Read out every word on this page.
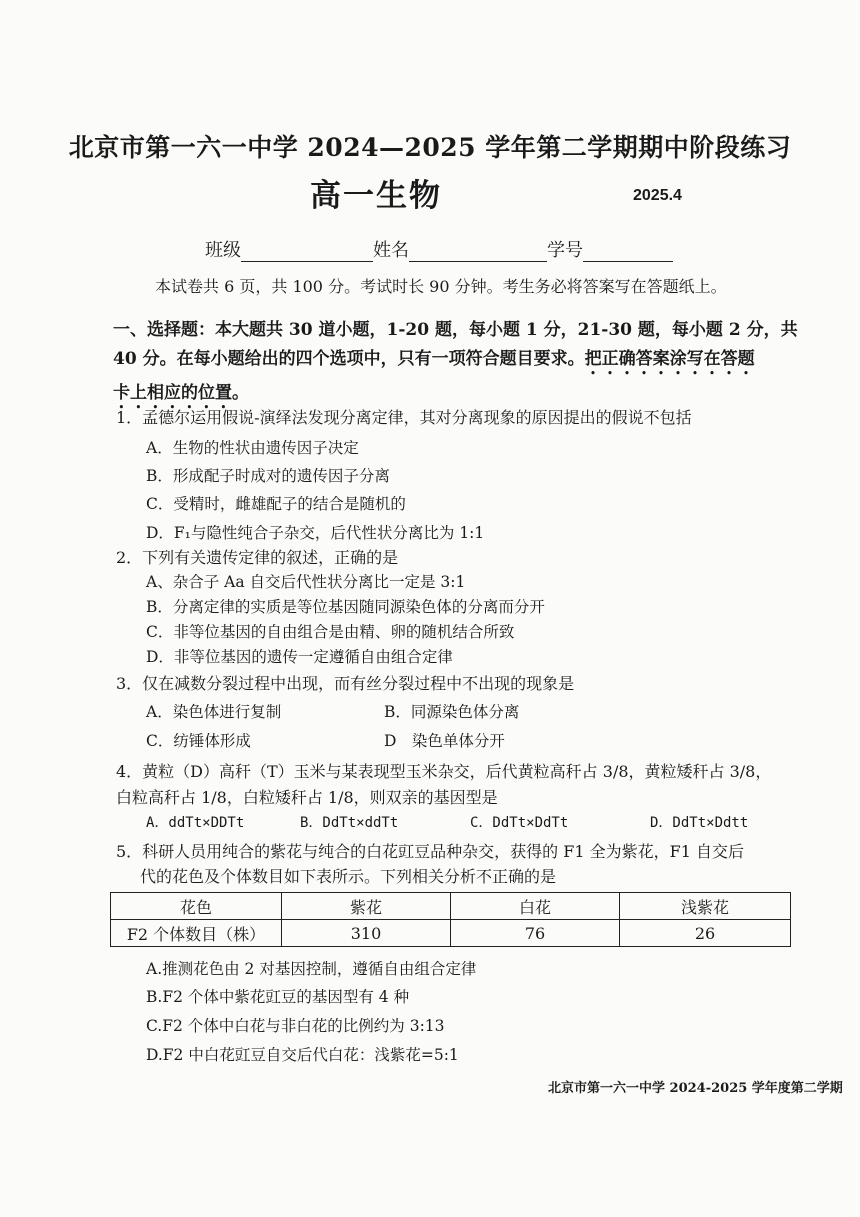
北京市第一六一中学 2024—2025 学年第二学期期中阶段练习
高一生物	2025.4
班级	姓名	学号
本试卷共 6 页，共 100 分。考试时长 90 分钟。考生务必将答案写在答题纸上。
一、选择题：本大题共 30 道小题，1-20 题，每小题 1 分，21-30 题，每小题 2 分，共
40 分。在每小题给出的四个选项中，只有一项符合题目要求。把正确答案涂写在答题
卡上相应的位置。
1．孟德尔运用假说-演绎法发现分离定律，其对分离现象的原因提出的假说不包括
A．生物的性状由遗传因子决定
B．形成配子时成对的遗传因子分离
C．受精时，雌雄配子的结合是随机的
D．F₁与隐性纯合子杂交，后代性状分离比为 1:1
2．下列有关遗传定律的叙述，正确的是
A、杂合子 Aa 自交后代性状分离比一定是 3:1
B．分离定律的实质是等位基因随同源染色体的分离而分开
C．非等位基因的自由组合是由精、卵的随机结合所致
D．非等位基因的遗传一定遵循自由组合定律
3．仅在减数分裂过程中出现，而有丝分裂过程中不出现的现象是
A．染色体进行复制	B．同源染色体分离
C．纺锤体形成	D　染色单体分开
4．黄粒（D）高秆（T）玉米与某表现型玉米杂交，后代黄粒高秆占 3/8，黄粒矮秆占 3/8，
白粒高秆占 1/8，白粒矮秆占 1/8，则双亲的基因型是
A．ddTt×DDTt	B．DdTt×ddTt	C．DdTt×DdTt	D．DdTt×Ddtt
5．科研人员用纯合的紫花与纯合的白花豇豆品种杂交，获得的 F1 全为紫花，F1 自交后
代的花色及个体数目如下表所示。下列相关分析不正确的是
花色	紫花	白花	浅紫花
F2 个体数目（株）	310	76	26
A.推测花色由 2 对基因控制，遵循自由组合定律
B.F2 个体中紫花豇豆的基因型有 4 种
C.F2 个体中白花与非白花的比例约为 3:13
D.F2 中白花豇豆自交后代白花：浅紫花=5:1
北京市第一六一中学 2024-2025 学年度第二学期
